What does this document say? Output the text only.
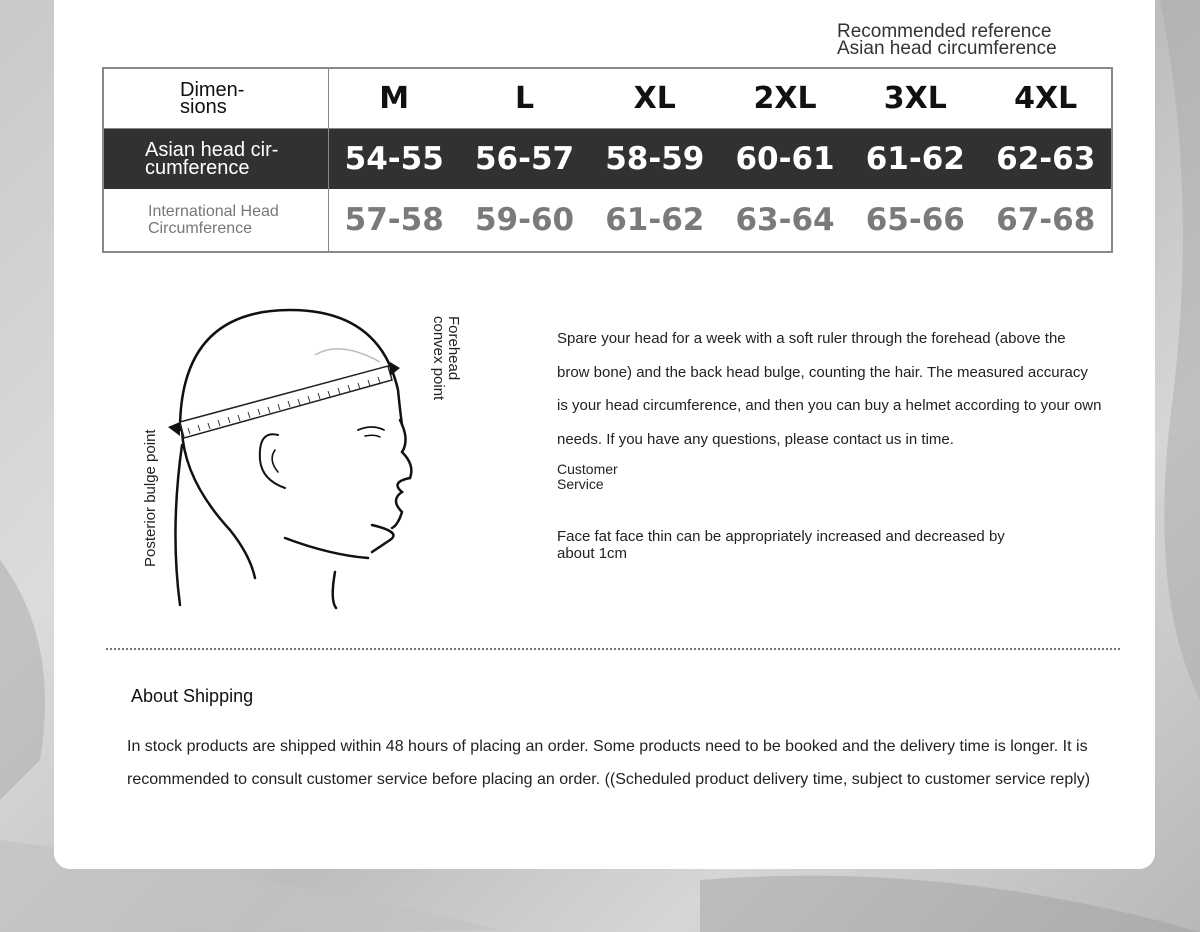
Recommended reference
Asian head circumference
Dimen- sions	M	L	XL	2XL	3XL	4XL

Asian head cir- cumference	54-55	56-57	58-59	60-61	61-62	62-63

International Head Circumference	57-58	59-60	61-62	63-64	65-66	67-68
Forehead convex point
Posterior bulge point
Spare your head for a week with a soft ruler through the forehead (above the brow bone) and the back head bulge, counting the hair. The measured accuracy is your head circumference, and then you can buy a helmet according to your own needs. If you have any questions, please contact us in time.
Customer Service
Face fat face thin can be appropriately increased and decreased by about 1cm
About Shipping
In stock products are shipped within 48 hours of placing an order. Some products need to be booked and the delivery time is longer. It is recommended to consult customer service before placing an order. ((Scheduled product delivery time, subject to customer service reply)
